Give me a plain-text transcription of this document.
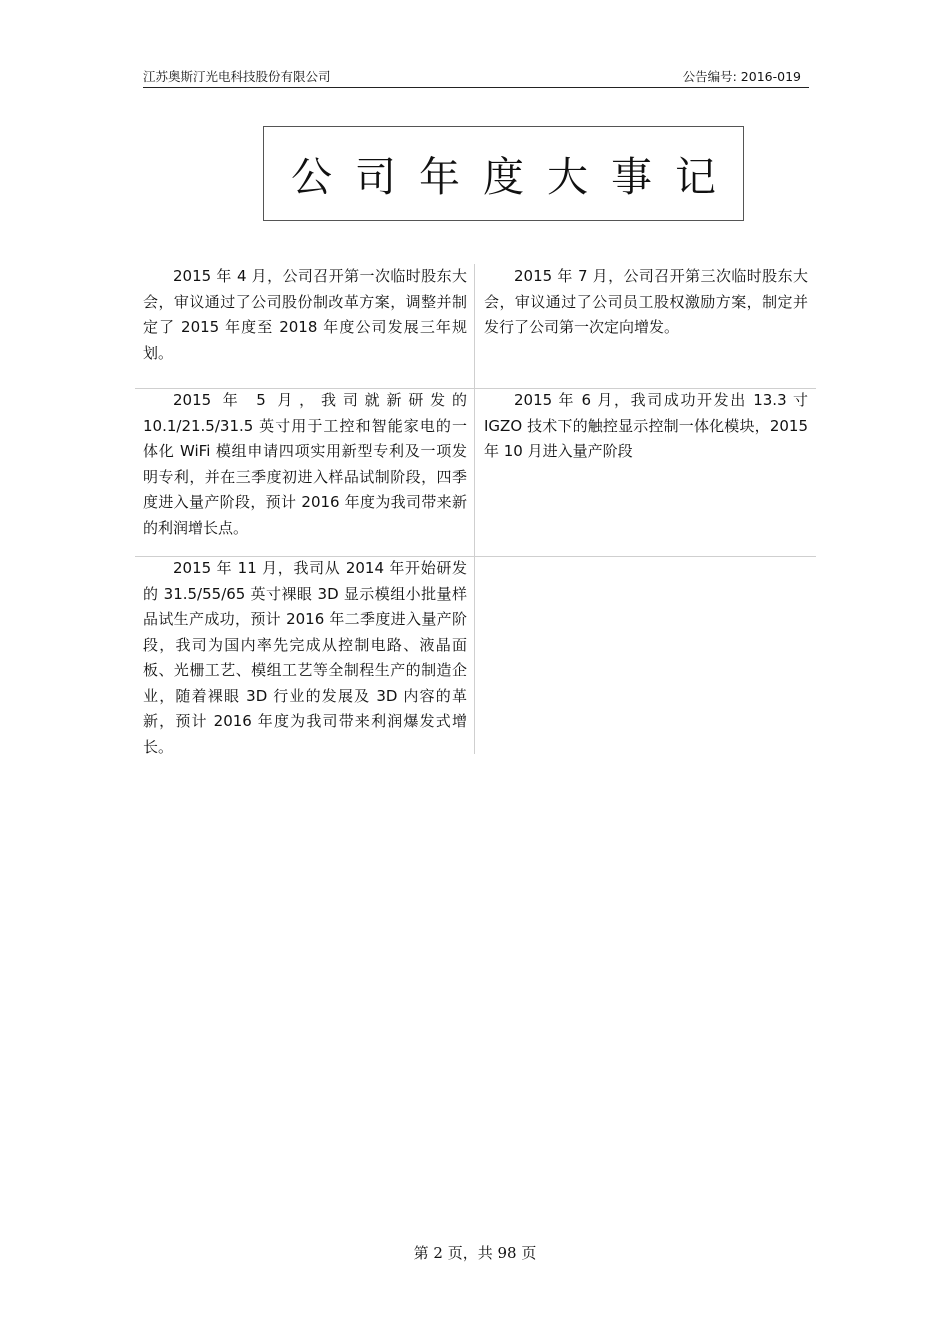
江苏奥斯汀光电科技股份有限公司	公告编号: 2016-019
公司年度大事记
2015 年 4 月，公司召开第一次临时股东大会，审议通过了公司股份制改革方案，调整并制定了 2015 年度至 2018 年度公司发展三年规划。
2015 年 7 月，公司召开第三次临时股东大会，审议通过了公司员工股权激励方案，制定并发行了公司第一次定向增发。
2015 年 5 月，我司就新研发的 10.1/21.5/31.5 英寸用于工控和智能家电的一体化 WiFi 模组申请四项实用新型专利及一项发明专利，并在三季度初进入样品试制阶段，四季度进入量产阶段，预计 2016 年度为我司带来新的利润增长点。
2015 年 6 月，我司成功开发出 13.3 寸 IGZO 技术下的触控显示控制一体化模块，2015 年 10 月进入量产阶段
2015 年 11 月，我司从 2014 年开始研发的 31.5/55/65 英寸裸眼 3D 显示模组小批量样品试生产成功，预计 2016 年二季度进入量产阶段，我司为国内率先完成从控制电路、液晶面板、光栅工艺、模组工艺等全制程生产的制造企业，随着裸眼 3D 行业的发展及 3D 内容的革新，预计 2016 年度为我司带来利润爆发式增长。
第 2 页，共 98 页
